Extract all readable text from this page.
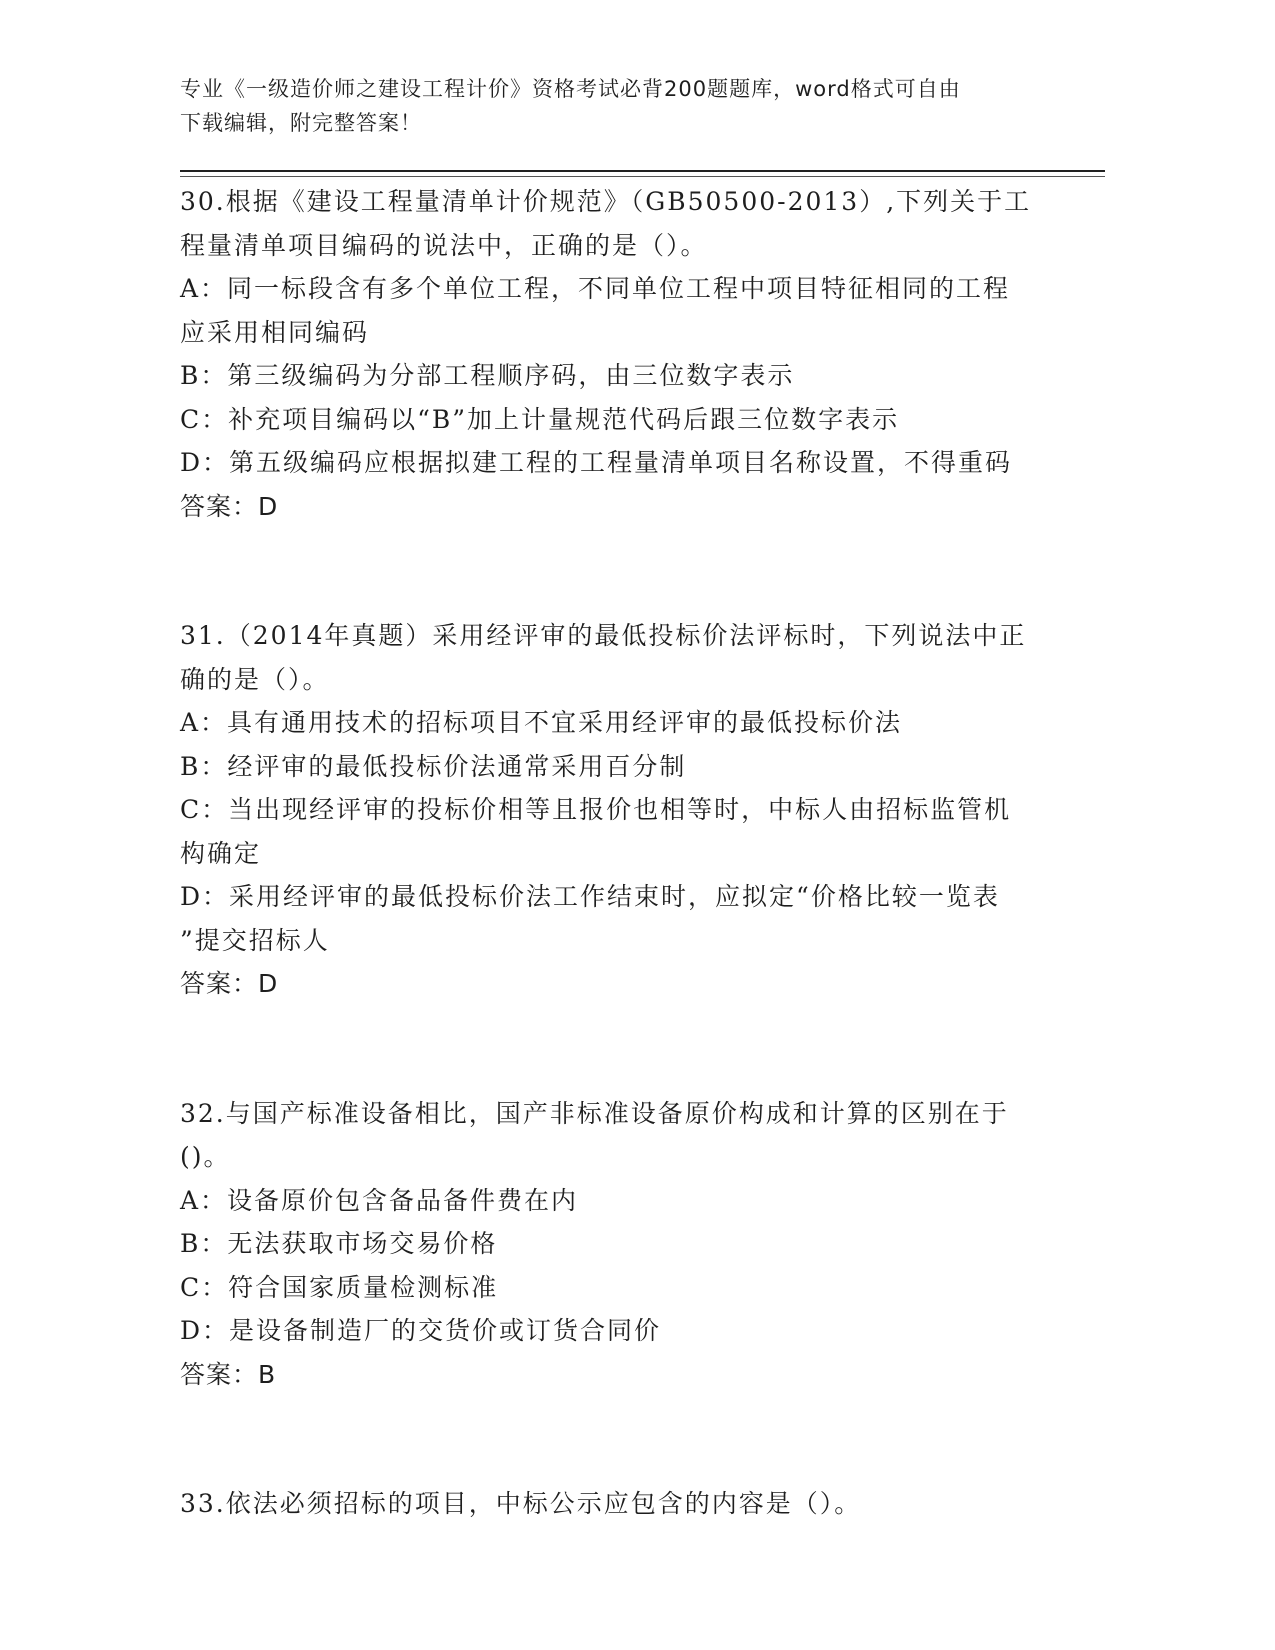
专业《一级造价师之建设工程计价》资格考试必背200题题库，word格式可自由
下载编辑，附完整答案！
30.根据《建设工程量清单计价规范》（GB50500-2013）,下列关于工
程量清单项目编码的说法中，正确的是（）。
A：同一标段含有多个单位工程，不同单位工程中项目特征相同的工程
应采用相同编码
B：第三级编码为分部工程顺序码，由三位数字表示
C：补充项目编码以“B”加上计量规范代码后跟三位数字表示
D：第五级编码应根据拟建工程的工程量清单项目名称设置，不得重码
答案：D
31.（2014年真题）采用经评审的最低投标价法评标时，下列说法中正
确的是（）。
A：具有通用技术的招标项目不宜采用经评审的最低投标价法
B：经评审的最低投标价法通常采用百分制
C：当出现经评审的投标价相等且报价也相等时，中标人由招标监管机
构确定
D：采用经评审的最低投标价法工作结束时，应拟定“价格比较一览表
”提交招标人
答案：D
32.与国产标准设备相比，国产非标准设备原价构成和计算的区别在于
()。
A：设备原价包含备品备件费在内
B：无法获取市场交易价格
C：符合国家质量检测标准
D：是设备制造厂的交货价或订货合同价
答案：B
33.依法必须招标的项目，中标公示应包含的内容是（）。
